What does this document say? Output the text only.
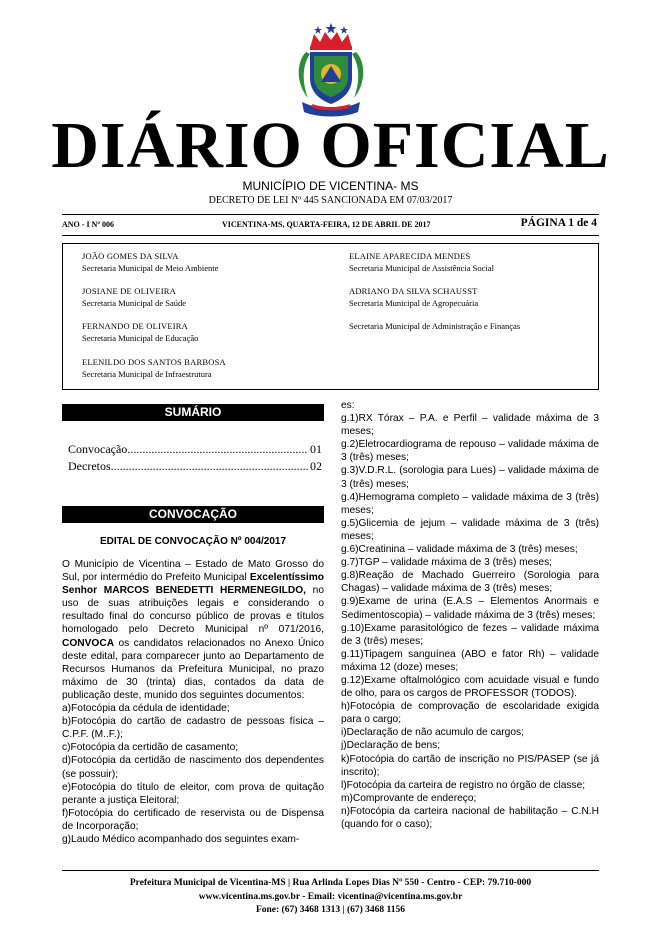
DIÁRIO OFICIAL
MUNICÍPIO DE VICENTINA- MS
DECRETO DE LEI Nº 445 SANCIONADA EM 07/03/2017
ANO - I Nº 006	VICENTINA-MS, QUARTA-FEIRA, 12 DE ABRIL DE 2017	PÁGINA 1 de 4
JOÃO GOMES DA SILVA
Secretaria Municipal de Meio Ambiente
ELAINE APARECIDA MENDES
Secretaria Municipal de Assistência Social
JOSIANE DE OLIVEIRA
Secretaria Municipal de Saúde
ADRIANO DA SILVA SCHAUSST
Secretaria Municipal de Agropecuária
FERNANDO DE OLIVEIRA
Secretaria Municipal de Educação
Secretaria Municipal de Administração e Finanças
ELENILDO DOS SANTOS BARBOSA
Secretaria Municipal de Infraestrutura
SUMÁRIO
Convocação .....	01
Decretos .....	02
CONVOCAÇÃO
EDITAL DE CONVOCAÇÃO Nº 004/2017

O Município de Vicentina – Estado de Mato Grosso do Sul, por intermédio do Prefeito Municipal Excelentíssimo Senhor MARCOS BENEDETTI HERMENEGILDO, no uso de suas atribuições legais e considerando o resultado final do concurso público de provas e títulos homologado pelo Decreto Municipal nº 071/2016, CONVOCA os candidatos relacionados no Anexo Único deste edital, para comparecer junto ao Departamento de Recursos Humanos da Prefeitura Municipal, no prazo máximo de 30 (trinta) dias, contados da data de publicação deste, munido dos seguintes documentos:

a)Fotocópia da cédula de identidade;

b)Fotocópia do cartão de cadastro de pessoas física – C.P.F. (M..F.);

c)Fotocópia da certidão de casamento;

d)Fotocópia da certidão de nascimento dos dependentes (se possuir);

e)Fotocópia do título de eleitor, com prova de quitação perante a justiça Eleitoral;

f)Fotocópia do certificado de reservista ou de Dispensa de Incorporação;

g)Laudo Médico acompanhado dos seguintes exam-

es:

g.1)RX Tórax – P.A. e Perfil – validade máxima de 3 meses;

g.2)Eletrocardiograma de repouso – validade máxima de 3 (três) meses;

g.3)V.D.R.L. (sorologia para Lues) – validade máxima de 3 (três) meses;

g.4)Hemograma completo – validade máxima de 3 (três) meses;

g.5)Glicemia de jejum – validade máxima de 3 (três) meses;

g.6)Creatinina – validade máxima de 3 (três) meses;

g.7)TGP – validade máxima de 3 (três) meses;

g.8)Reação de Machado Guerreiro (Sorologia para Chagas) – validade máxima de 3 (três) meses;

g.9)Exame de urina (E.A.S – Elementos Anormais e Sedimentoscopia) – validade máxima de 3 (três) meses;

g.10)Exame parasitológico de fezes – validade máxima de 3 (três) meses;

g.11)Tipagem sanguínea (ABO e fator Rh) – validade máxima 12 (doze) meses;

g.12)Exame oftalmológico com acuidade visual e fundo de olho, para os cargos de PROFESSOR (TODOS).

h)Fotocópia de comprovação de escolaridade exigida para o cargo;

i)Declaração de não acumulo de cargos;

j)Declaração de bens;

k)Fotocópia do cartão de inscrição no PIS/PASEP (se já inscrito);

l)Fotocópia da carteira de registro no órgão de classe;

m)Comprovante de endereço;

n)Fotocópia da carteira nacional de habilitação – C.N.H (quando for o caso);

Prefeitura Municipal de Vicentina-MS | Rua Arlinda Lopes Dias Nº 550 - Centro - CEP: 79.710-000
www.vicentina.ms.gov.br - Email: vicentina@vicentina.ms.gov.br
Fone: (67) 3468 1313 | (67) 3468 1156
